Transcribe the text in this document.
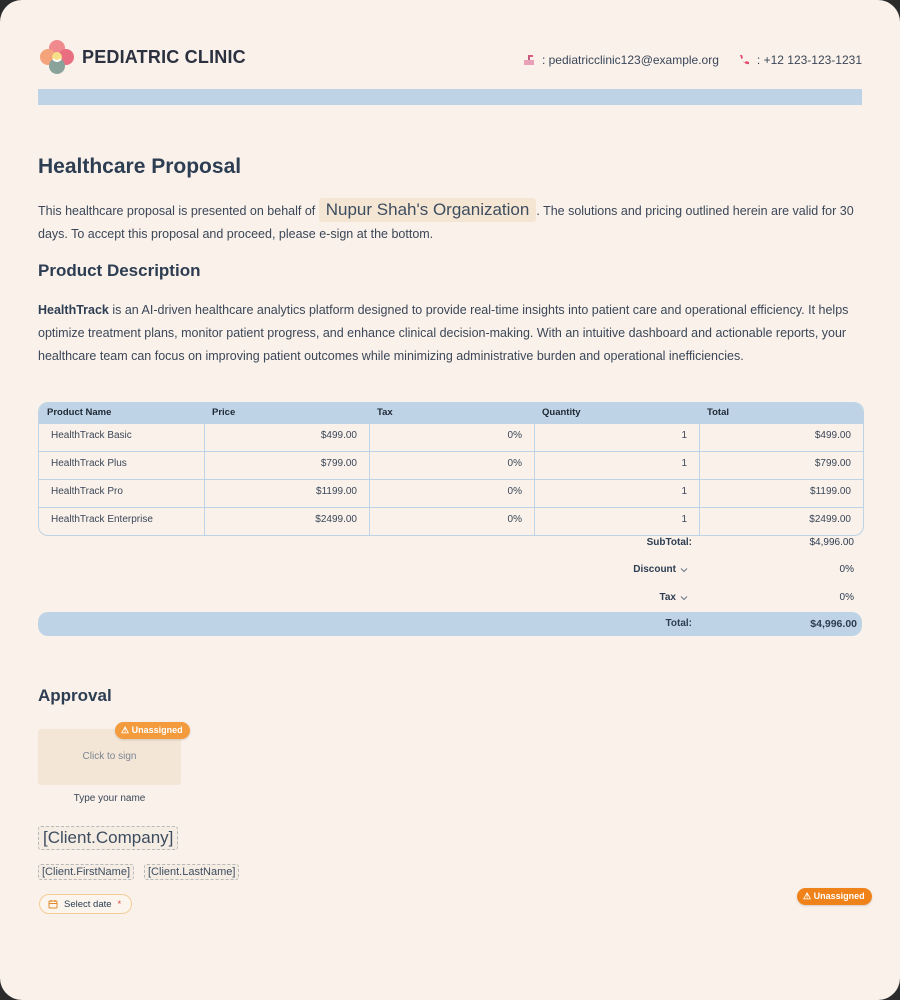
PEDIATRIC CLINIC	: pediatricclinic123@example.org	: +12 123-123-1231
Healthcare Proposal
This healthcare proposal is presented on behalf of Nupur Shah's Organization . The solutions and pricing outlined herein are valid for 30 days. To accept this proposal and proceed, please e-sign at the bottom.
Product Description
HealthTrack is an AI-driven healthcare analytics platform designed to provide real-time insights into patient care and operational efficiency. It helps optimize treatment plans, monitor patient progress, and enhance clinical decision-making. With an intuitive dashboard and actionable reports, your healthcare team can focus on improving patient outcomes while minimizing administrative burden and operational inefficiencies.
Product Name	Price	Tax	Quantity	Total
HealthTrack Basic	$499.00	0%	1	$499.00
HealthTrack Plus	$799.00	0%	1	$799.00
HealthTrack Pro	$1199.00	0%	1	$1199.00
HealthTrack Enterprise	$2499.00	0%	1	$2499.00
SubTotal:	$4,996.00
Discount	0%
Tax	0%
Total:	$4,996.00
Approval
Click to sign
⚠ Unassigned
Type your name
[Client.Company]
[Client.FirstName]	[Client.LastName]
Select date *
⚠ Unassigned
